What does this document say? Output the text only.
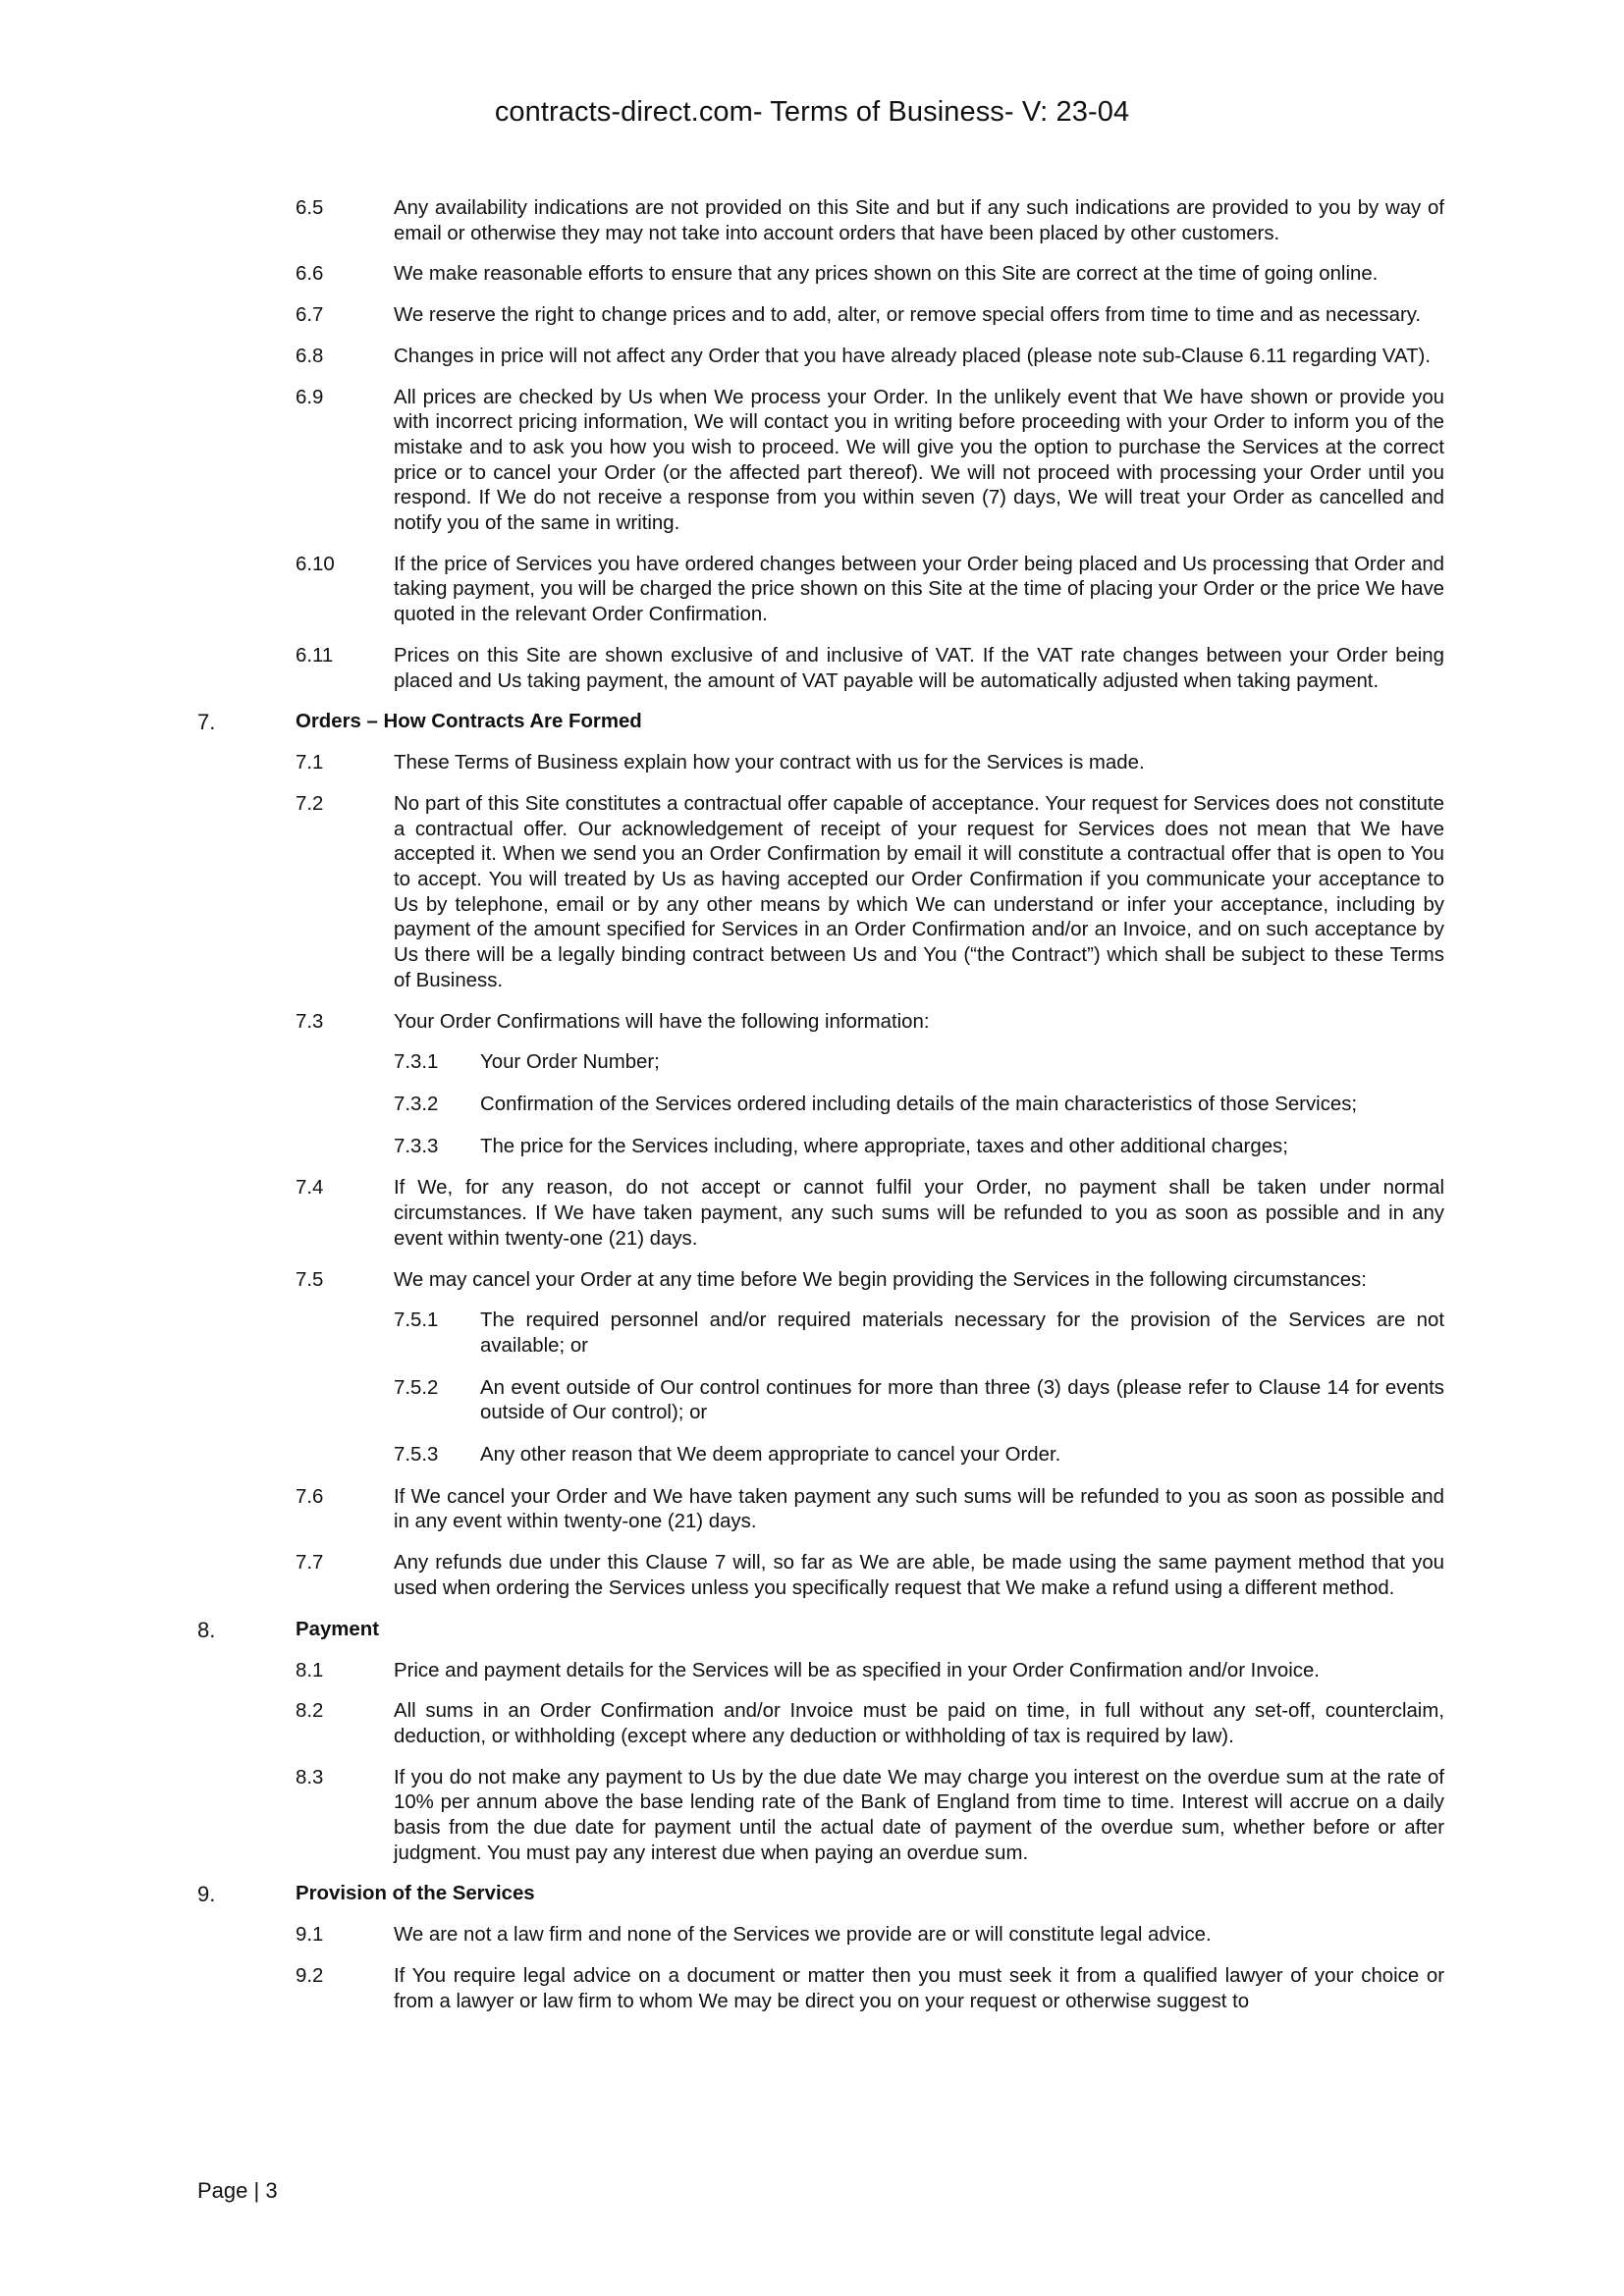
contracts-direct.com- Terms of Business- V: 23-04
6.5	Any availability indications are not provided on this Site and but if any such indications are provided to you by way of email or otherwise they may not take into account orders that have been placed by other customers.
6.6	We make reasonable efforts to ensure that any prices shown on this Site are correct at the time of going online.
6.7	We reserve the right to change prices and to add, alter, or remove special offers from time to time and as necessary.
6.8	Changes in price will not affect any Order that you have already placed (please note sub-Clause 6.11 regarding VAT).
6.9	All prices are checked by Us when We process your Order. In the unlikely event that We have shown or provide you with incorrect pricing information, We will contact you in writing before proceeding with your Order to inform you of the mistake and to ask you how you wish to proceed. We will give you the option to purchase the Services at the correct price or to cancel your Order (or the affected part thereof). We will not proceed with processing your Order until you respond. If We do not receive a response from you within seven (7) days, We will treat your Order as cancelled and notify you of the same in writing.
6.10	If the price of Services you have ordered changes between your Order being placed and Us processing that Order and taking payment, you will be charged the price shown on this Site at the time of placing your Order or the price We have quoted in the relevant Order Confirmation.
6.11	Prices on this Site are shown exclusive of and inclusive of VAT. If the VAT rate changes between your Order being placed and Us taking payment, the amount of VAT payable will be automatically adjusted when taking payment.
7.	Orders – How Contracts Are Formed
7.1	These Terms of Business explain how your contract with us for the Services is made.
7.2	No part of this Site constitutes a contractual offer capable of acceptance. Your request for Services does not constitute a contractual offer. Our acknowledgement of receipt of your request for Services does not mean that We have accepted it. When we send you an Order Confirmation by email it will constitute a contractual offer that is open to You to accept. You will treated by Us as having accepted our Order Confirmation if you communicate your acceptance to Us by telephone, email or by any other means by which We can understand or infer your acceptance, including by payment of the amount specified for Services in an Order Confirmation and/or an Invoice, and on such acceptance by Us there will be a legally binding contract between Us and You (“the Contract”) which shall be subject to these Terms of Business.
7.3	Your Order Confirmations will have the following information:
7.3.1 Your Order Number;
7.3.2 Confirmation of the Services ordered including details of the main characteristics of those Services;
7.3.3 The price for the Services including, where appropriate, taxes and other additional charges;
7.4	If We, for any reason, do not accept or cannot fulfil your Order, no payment shall be taken under normal circumstances. If We have taken payment, any such sums will be refunded to you as soon as possible and in any event within twenty-one (21) days.
7.5	We may cancel your Order at any time before We begin providing the Services in the following circumstances:
7.5.1 The required personnel and/or required materials necessary for the provision of the Services are not available; or
7.5.2 An event outside of Our control continues for more than three (3) days (please refer to Clause 14 for events outside of Our control); or
7.5.3 Any other reason that We deem appropriate to cancel your Order.
7.6	If We cancel your Order and We have taken payment any such sums will be refunded to you as soon as possible and in any event within twenty-one (21) days.
7.7	Any refunds due under this Clause 7 will, so far as We are able, be made using the same payment method that you used when ordering the Services unless you specifically request that We make a refund using a different method.
8.	Payment
8.1	Price and payment details for the Services will be as specified in your Order Confirmation and/or Invoice.
8.2	All sums in an Order Confirmation and/or Invoice must be paid on time, in full without any set-off, counterclaim, deduction, or withholding (except where any deduction or withholding of tax is required by law).
8.3	If you do not make any payment to Us by the due date We may charge you interest on the overdue sum at the rate of 10% per annum above the base lending rate of the Bank of England from time to time. Interest will accrue on a daily basis from the due date for payment until the actual date of payment of the overdue sum, whether before or after judgment. You must pay any interest due when paying an overdue sum.
9.	Provision of the Services
9.1	We are not a law firm and none of the Services we provide are or will constitute legal advice.
9.2	If You require legal advice on a document or matter then you must seek it from a qualified lawyer of your choice or from a lawyer or law firm to whom We may be direct you on your request or otherwise suggest to
Page | 3
